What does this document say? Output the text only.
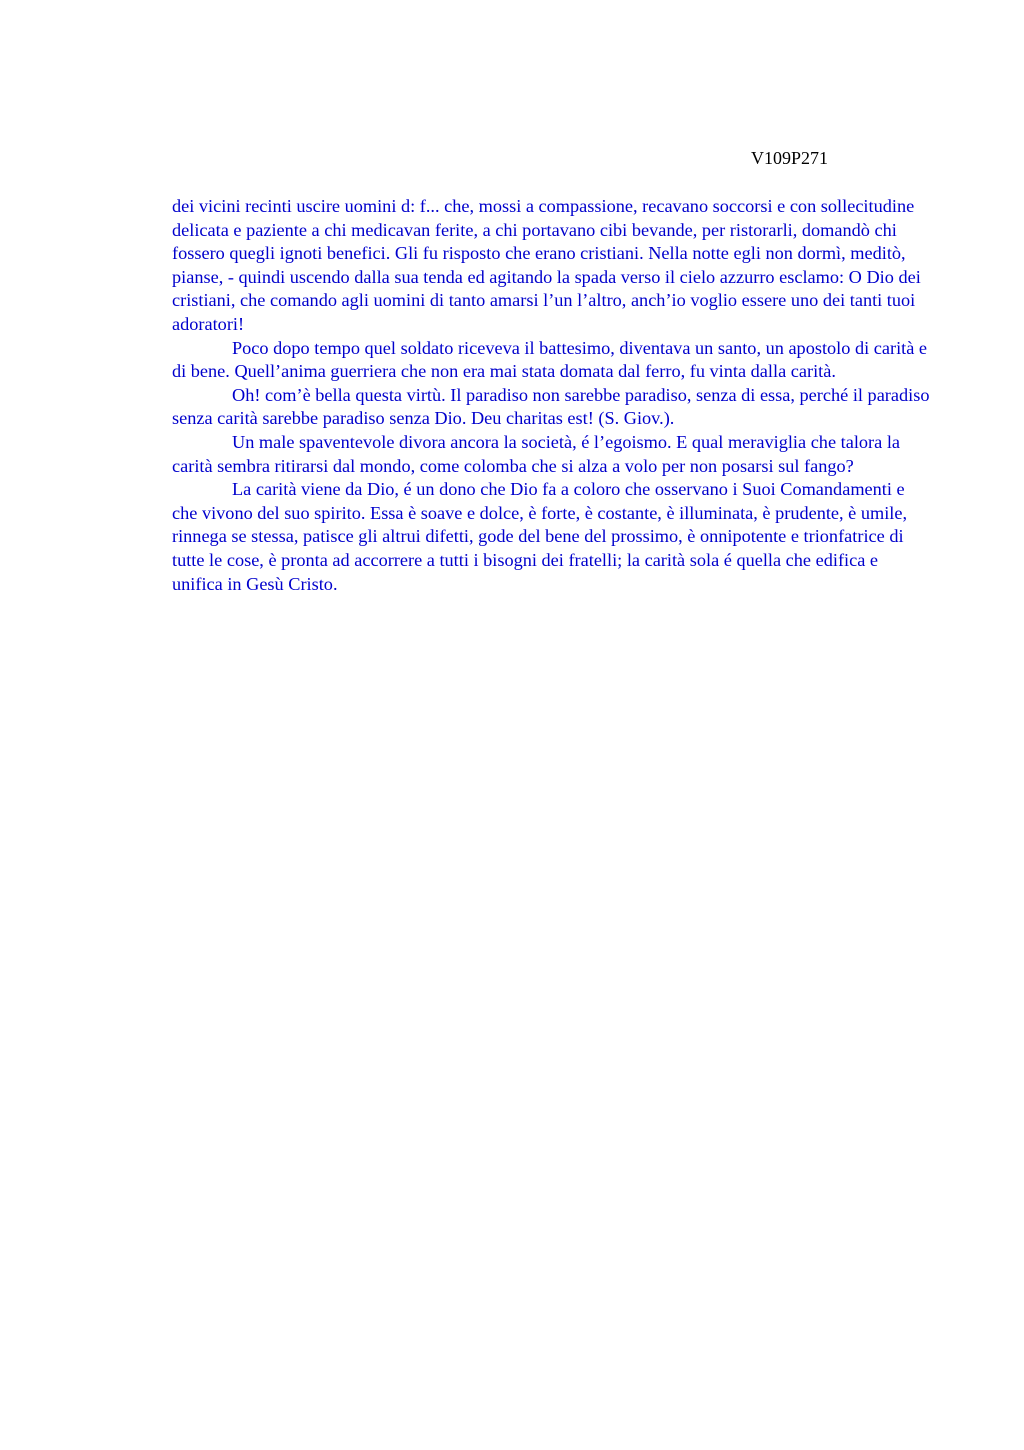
V109P271

dei vicini recinti uscire uomini d: f... che, mossi a compassione, recavano soccorsi e con sollecitudine delicata e paziente a chi medicavan ferite, a chi portavano cibi bevande, per ristorarli, domandò chi fossero quegli ignoti benefici. Gli fu risposto che erano cristiani. Nella notte egli non dormì, meditò, pianse, - quindi uscendo dalla sua tenda ed agitando la spada verso il cielo azzurro esclamo: O Dio dei cristiani, che comando agli uomini di tanto amarsi l’un l’altro, anch’io voglio essere uno dei tanti tuoi adoratori!

Poco dopo tempo quel soldato riceveva il battesimo, diventava un santo, un apostolo di carità e di bene. Quell’anima guerriera che non era mai stata domata dal ferro, fu vinta dalla carità.

Oh! com’è bella questa virtù. Il paradiso non sarebbe paradiso, senza di essa, perché il paradiso senza carità sarebbe paradiso senza Dio. Deu charitas est! (S. Giov.).

Un male spaventevole divora ancora la società, é l’egoismo. E qual meraviglia che talora la carità sembra ritirarsi dal mondo, come colomba che si alza a volo per non posarsi sul fango?

La carità viene da Dio, é un dono che Dio fa a coloro che osservano i Suoi Comandamenti e che vivono del suo spirito. Essa è soave e dolce, è forte, è costante, è illuminata, è prudente, è umile, rinnega se stessa, patisce gli altrui difetti, gode del bene del prossimo, è onnipotente e trionfatrice di tutte le cose, è pronta ad accorrere a tutti i bisogni dei fratelli; la carità sola é quella che edifica e unifica in Gesù Cristo.
